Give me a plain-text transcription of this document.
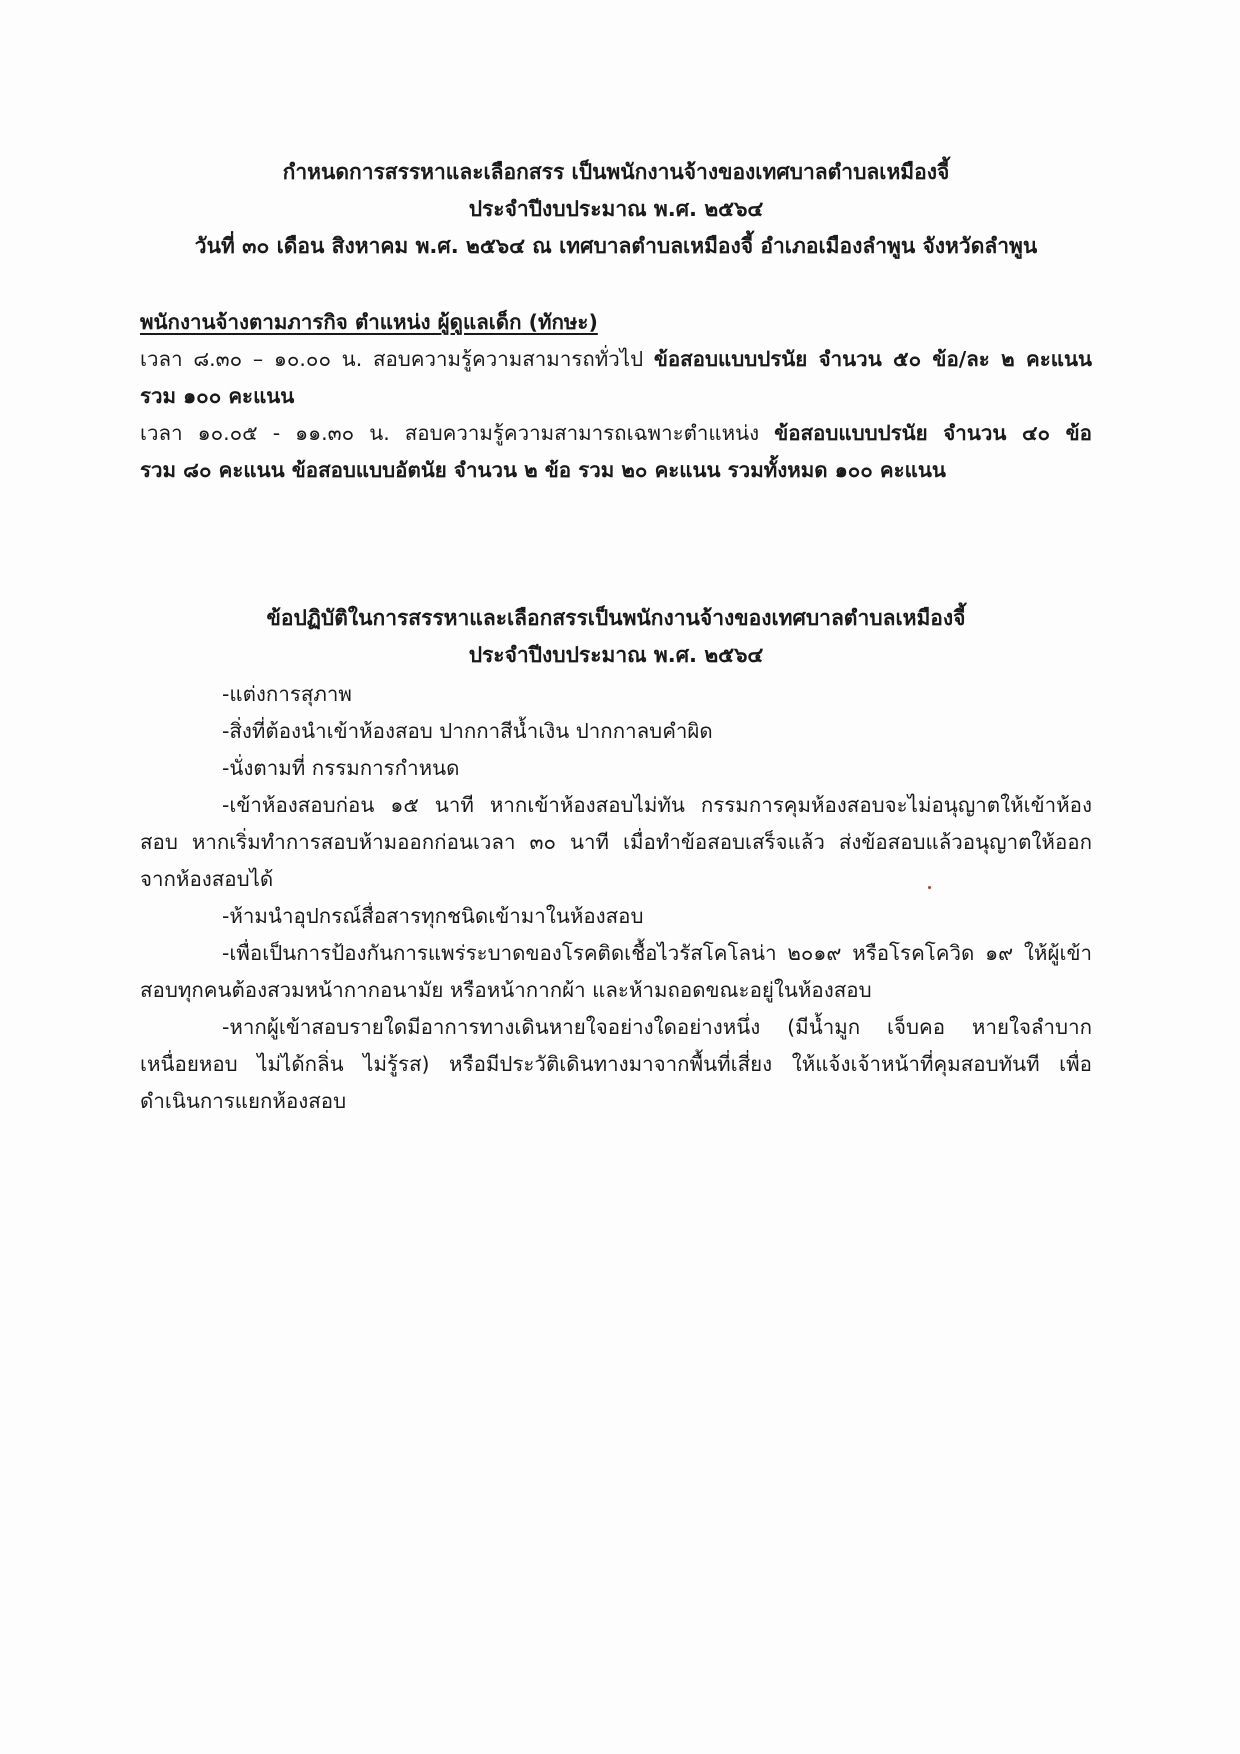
กำหนดการสรรหาและเลือกสรร เป็นพนักงานจ้างของเทศบาลตำบลเหมืองจี้
ประจำปีงบประมาณ พ.ศ. ๒๕๖๔
วันที่ ๓๐ เดือน สิงหาคม พ.ศ. ๒๕๖๔ ณ เทศบาลตำบลเหมืองจี้ อำเภอเมืองลำพูน จังหวัดลำพูน
พนักงานจ้างตามภารกิจ ตำแหน่ง ผู้ดูแลเด็ก (ทักษะ)
เวลา ๘.๓๐ – ๑๐.๐๐ น. สอบความรู้ความสามารถทั่วไป ข้อสอบแบบปรนัย จำนวน ๕๐ ข้อ/ละ ๒ คะแนน
รวม ๑๐๐ คะแนน
เวลา ๑๐.๐๕ - ๑๑.๓๐ น. สอบความรู้ความสามารถเฉพาะตำแหน่ง ข้อสอบแบบปรนัย จำนวน ๔๐ ข้อ
รวม ๘๐ คะแนน ข้อสอบแบบอัตนัย จำนวน ๒ ข้อ รวม ๒๐ คะแนน รวมทั้งหมด ๑๐๐ คะแนน
ข้อปฏิบัติในการสรรหาและเลือกสรรเป็นพนักงานจ้างของเทศบาลตำบลเหมืองจี้
ประจำปีงบประมาณ พ.ศ. ๒๕๖๔
-แต่งการสุภาพ
-สิ่งที่ต้องนำเข้าห้องสอบ ปากกาสีน้ำเงิน ปากกาลบคำผิด
-นั่งตามที่ กรรมการกำหนด
-เข้าห้องสอบก่อน ๑๕ นาที หากเข้าห้องสอบไม่ทัน กรรมการคุมห้องสอบจะไม่อนุญาตให้เข้าห้อง
สอบ หากเริ่มทำการสอบห้ามออกก่อนเวลา ๓๐ นาที เมื่อทำข้อสอบเสร็จแล้ว ส่งข้อสอบแล้วอนุญาตให้ออก
จากห้องสอบได้
-ห้ามนำอุปกรณ์สื่อสารทุกชนิดเข้ามาในห้องสอบ
-เพื่อเป็นการป้องกันการแพร่ระบาดของโรคติดเชื้อไวรัสโคโลน่า ๒๐๑๙ หรือโรคโควิด ๑๙ ให้ผู้เข้า
สอบทุกคนต้องสวมหน้ากากอนามัย หรือหน้ากากผ้า และห้ามถอดขณะอยู่ในห้องสอบ
-หากผู้เข้าสอบรายใดมีอาการทางเดินหายใจอย่างใดอย่างหนึ่ง (มีน้ำมูก เจ็บคอ หายใจลำบาก
เหนื่อยหอบ ไม่ได้กลิ่น ไม่รู้รส) หรือมีประวัติเดินทางมาจากพื้นที่เสี่ยง ให้แจ้งเจ้าหน้าที่คุมสอบทันที เพื่อ
ดำเนินการแยกห้องสอบ
